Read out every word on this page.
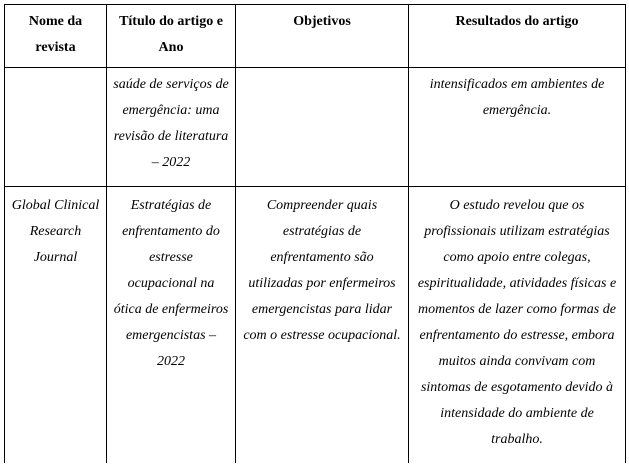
Nome da revista	Título do artigo e Ano	Objetivos	Resultados do artigo
	saúde de serviços de emergência: uma revisão de literatura – 2022		intensificados em ambientes de emergência.
Global Clinical Research Journal	Estratégias de enfrentamento do estresse ocupacional na ótica de enfermeiros emergencistas – 2022	Compreender quais estratégias de enfrentamento são utilizadas por enfermeiros emergencistas para lidar com o estresse ocupacional.	O estudo revelou que os profissionais utilizam estratégias como apoio entre colegas, espiritualidade, atividades físicas e momentos de lazer como formas de enfrentamento do estresse, embora muitos ainda convivam com sintomas de esgotamento devido à intensidade do ambiente de trabalho.
